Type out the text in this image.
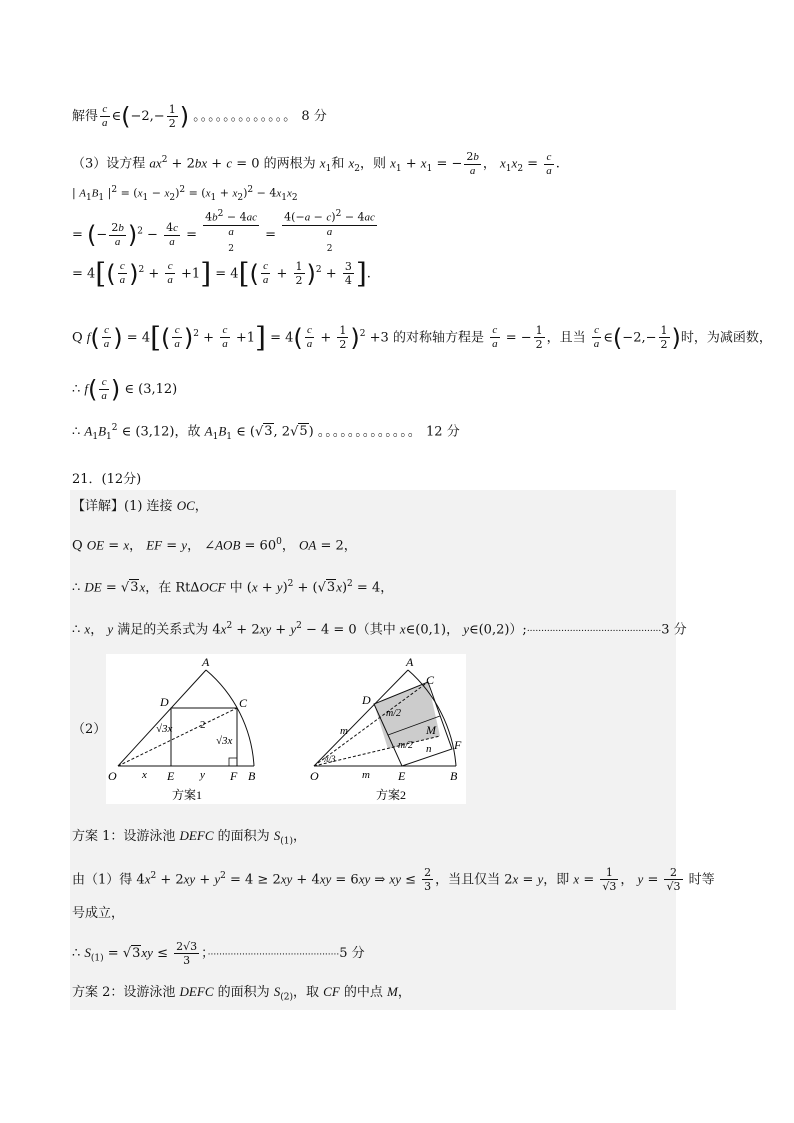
解得 $\frac{c}{a}$ ∈(−2,− $\frac{1}{2}$ ) 。。。。。。。。。。。。。 8 分
（3）设方程 $ax^2 + 2bx + c = 0$ 的两根为 $x_1$和 $x_2$，则 $x_1 + x_1$ = − $\frac{2b}{a}$ ， $x_1x_2 = \frac{c}{a}$ .
| $A_1B_1$ $|^2 = (x_1 - x_2)^2 = (x_1 + x_2)^2 - 4x_1x_2$
= (− $\frac{2b}{a} )^2 - \frac{4c}{a}$ =
$4b^2 - 4ac$
a
$^2$ =
$4(-a - c)^2 - 4ac$
a
$^2$
= $4[( \frac{c}{a} )^2 + \frac{c}{a} +1] = 4[( \frac{c}{a} + \frac{1}{2} )^2 + \frac{3}{4}$ ].
Q $f( \frac{c}{a}$ ) = $4[( \frac{c}{a} )^2 + \frac{c}{a} +1] = 4( \frac{c}{a} + \frac{1}{2} )^2 +3$ 的对称轴方程是 $\frac{c}{a}$ = − $\frac{1}{2}$ ，且当 $\frac{c}{a}$ ∈(−2,− $\frac{1}{2}$ )时，为减函数，
∴ $f( \frac{c}{a}$ ) ∈ (3,12)
∴ $A_1B_1^2$ ∈ (3,12)，故 $A_1B_1$ ∈ (√3, 2√5) 。。。。。。。。。。。。。 12 分
21．(12分)
【详解】(1) 连接 OC，
Q OE = x， EF = y， ∠AOB = $60^0$， OA = 2，
∴ DE = √3x，在 Rt∆OCF 中 $(x + y)^2 + (√3x)^2 = 4$，
∴ x， y 满足的关系式为 $4x^2 + 2xy + y^2 - 4 = 0$（其中 x∈(0,1)， y∈(0,2)）;···············································3 分
（2）
A
D	C
O	E	F B
x	y
2
√3x
√3x
方案1
A
D
C
O	E
F
B
M
m
m
n
m/2
m/2
π/3
方案2
方案 1：设游泳池 DEFC 的面积为 $S_{(1)}$，
由（1）得 $4x^2 + 2xy + y^2 = 4 \ge 2xy + 4xy = 6xy$ ⇒ xy ≤ $\frac{2}{3}$ ，当且仅当 2x = y，即 $x = \frac{1}{√3}$ ， $y = \frac{2}{√3}$ 时等
号成立，
∴ $S_{(1)} = √3xy \le \frac{2√3}{3}$ ；··············································5 分
方案 2：设游泳池 DEFC 的面积为 $S_{(2)}$，取 CF 的中点 M，
